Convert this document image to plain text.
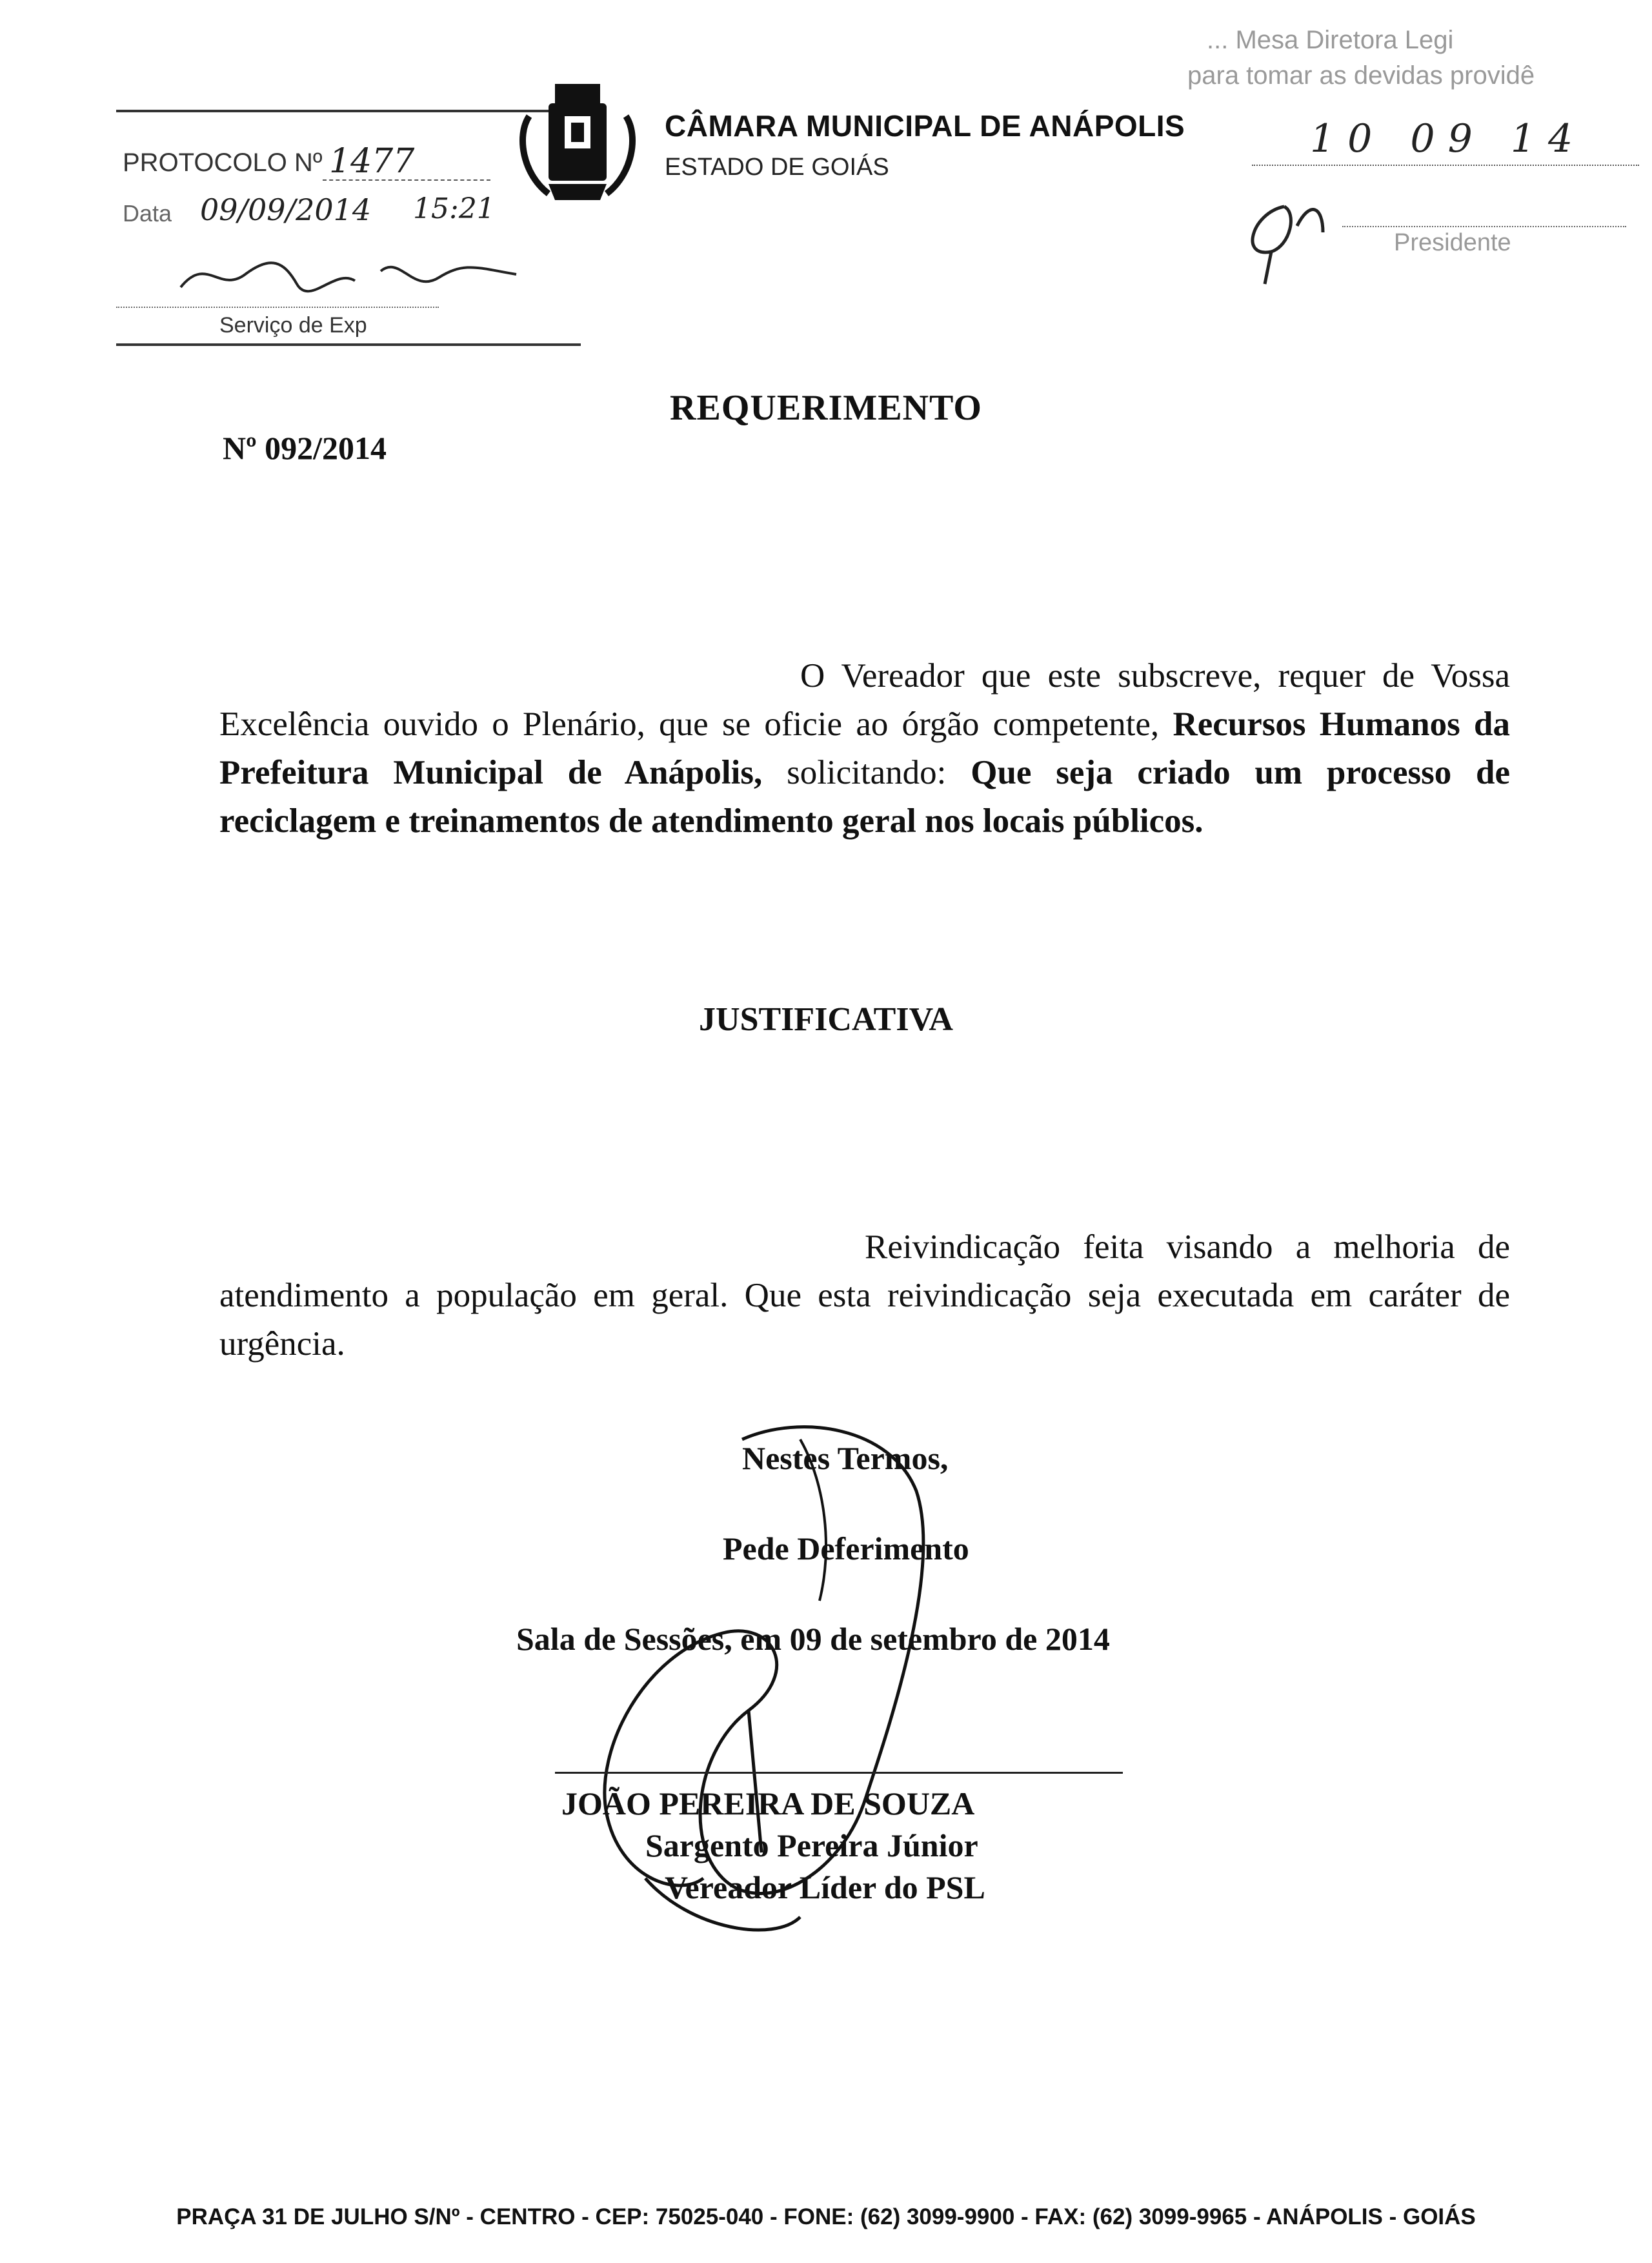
PROTOCOLO Nº 1477
Data 09/09/2014 15:21
Serviço de Exp
CÂMARA MUNICIPAL DE ANÁPOLIS
ESTADO DE GOIÁS
... Mesa Diretora Legi
para tomar as devidas providê
10 09 14
Presidente
REQUERIMENTO
Nº 092/2014

O Vereador que este subscreve, requer de Vossa Excelência ouvido o Plenário, que se oficie ao órgão competente, Recursos Humanos da Prefeitura Municipal de Anápolis, solicitando: Que seja criado um processo de reciclagem e treinamentos de atendimento geral nos locais públicos.

JUSTIFICATIVA

Reivindicação feita visando a melhoria de atendimento a população em geral. Que esta reivindicação seja executada em caráter de urgência.

Nestes Termos,
Pede Deferimento
Sala de Sessões, em 09 de setembro de 2014
JOÃO PEREIRA DE SOUZA
Sargento Pereira Júnior
Vereador Líder do PSL
PRAÇA 31 DE JULHO S/Nº - CENTRO - CEP: 75025-040 - FONE: (62) 3099-9900 - FAX: (62) 3099-9965 - ANÁPOLIS - GOIÁS
